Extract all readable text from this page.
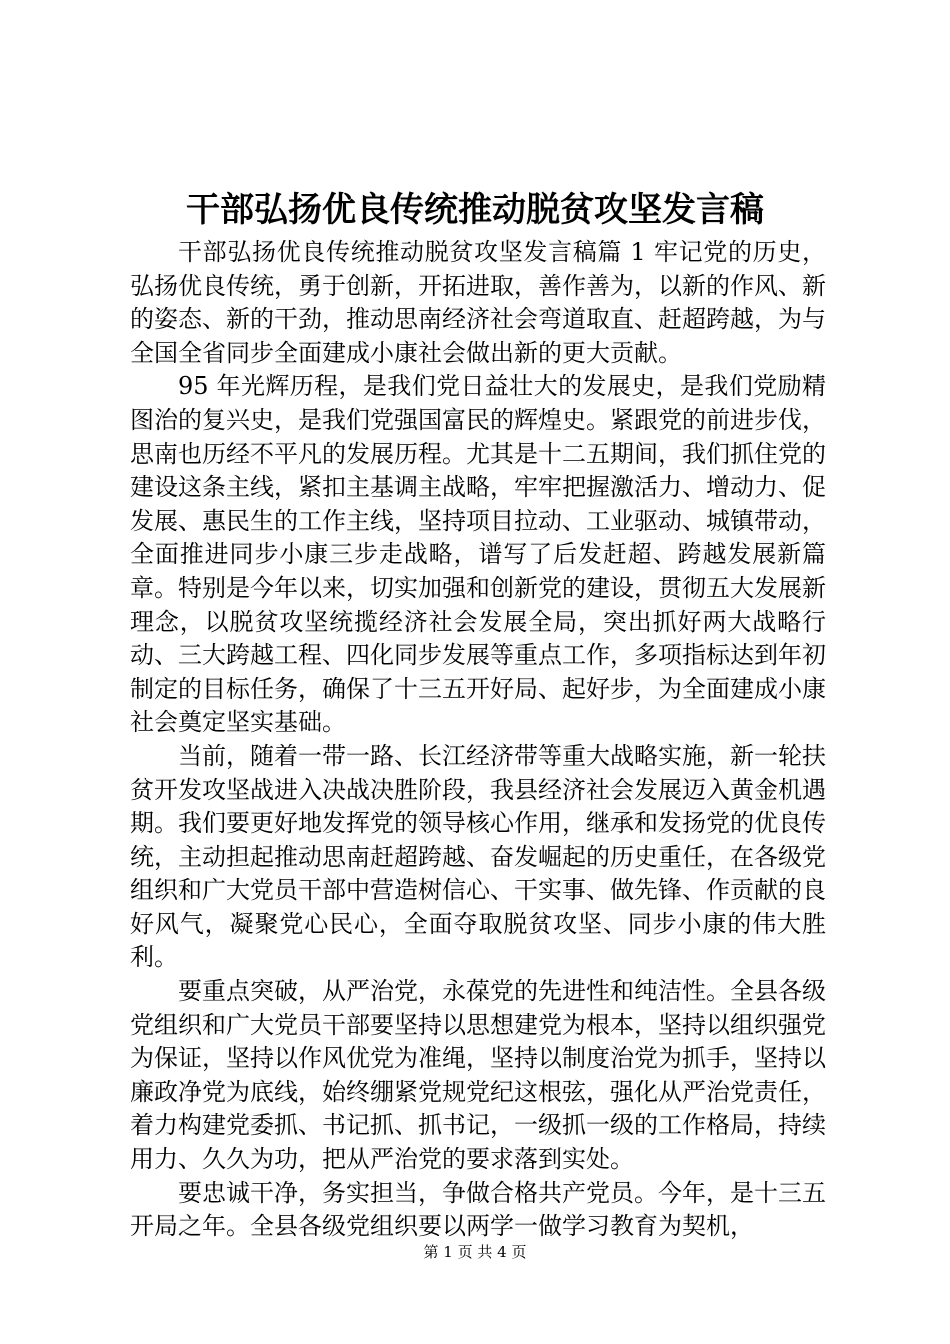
干部弘扬优良传统推动脱贫攻坚发言稿

干部弘扬优良传统推动脱贫攻坚发言稿篇 1 牢记党的历史，弘扬优良传统，勇于创新，开拓进取，善作善为，以新的作风、新的姿态、新的干劲，推动思南经济社会弯道取直、赶超跨越，为与全国全省同步全面建成小康社会做出新的更大贡献。

95 年光辉历程，是我们党日益壮大的发展史，是我们党励精图治的复兴史，是我们党强国富民的辉煌史。紧跟党的前进步伐，思南也历经不平凡的发展历程。尤其是十二五期间，我们抓住党的建设这条主线，紧扣主基调主战略，牢牢把握激活力、增动力、促发展、惠民生的工作主线，坚持项目拉动、工业驱动、城镇带动，全面推进同步小康三步走战略，谱写了后发赶超、跨越发展新篇章。特别是今年以来，切实加强和创新党的建设，贯彻五大发展新理念，以脱贫攻坚统揽经济社会发展全局，突出抓好两大战略行动、三大跨越工程、四化同步发展等重点工作，多项指标达到年初制定的目标任务，确保了十三五开好局、起好步，为全面建成小康社会奠定坚实基础。

当前，随着一带一路、长江经济带等重大战略实施，新一轮扶贫开发攻坚战进入决战决胜阶段，我县经济社会发展迈入黄金机遇期。我们要更好地发挥党的领导核心作用，继承和发扬党的优良传统，主动担起推动思南赶超跨越、奋发崛起的历史重任，在各级党组织和广大党员干部中营造树信心、干实事、做先锋、作贡献的良好风气，凝聚党心民心，全面夺取脱贫攻坚、同步小康的伟大胜利。

要重点突破，从严治党，永葆党的先进性和纯洁性。全县各级党组织和广大党员干部要坚持以思想建党为根本，坚持以组织强党为保证，坚持以作风优党为准绳，坚持以制度治党为抓手，坚持以廉政净党为底线，始终绷紧党规党纪这根弦，强化从严治党责任，着力构建党委抓、书记抓、抓书记，一级抓一级的工作格局，持续用力、久久为功，把从严治党的要求落到实处。

要忠诚干净，务实担当，争做合格共产党员。今年，是十三五开局之年。全县各级党组织要以两学一做学习教育为契机，

第 1 页 共 4 页
